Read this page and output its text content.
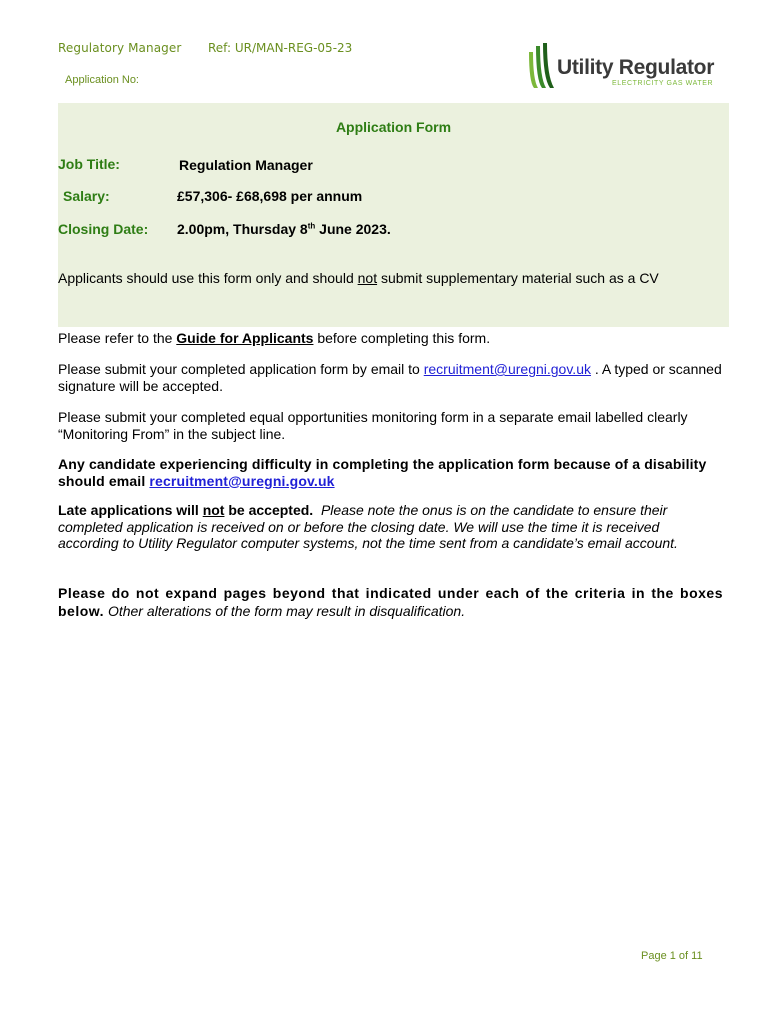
Regulatory Manager Ref: UR/MAN-REG-05-23
Application No:
Utility Regulator
ELECTRICITY GAS WATER
Application Form
Job Title:	Regulation Manager
Salary:	£57,306- £68,698 per annum
Closing Date: 2.00pm, Thursday 8th June 2023.
Applicants should use this form only and should not submit supplementary material such as a CV

Please refer to the Guide for Applicants before completing this form.

Please submit your completed application form by email to recruitment@uregni.gov.uk . A typed or scanned signature will be accepted.

Please submit your completed equal opportunities monitoring form in a separate email labelled clearly “Monitoring From” in the subject line.

Any candidate experiencing difficulty in completing the application form because of a disability should email recruitment@uregni.gov.uk

Late applications will not be accepted. Please note the onus is on the candidate to ensure their completed application is received on or before the closing date. We will use the time it is received according to Utility Regulator computer systems, not the time sent from a candidate’s email account.

Please do not expand pages beyond that indicated under each of the criteria in the boxes below. Other alterations of the form may result in disqualification.

Page 1 of 11
